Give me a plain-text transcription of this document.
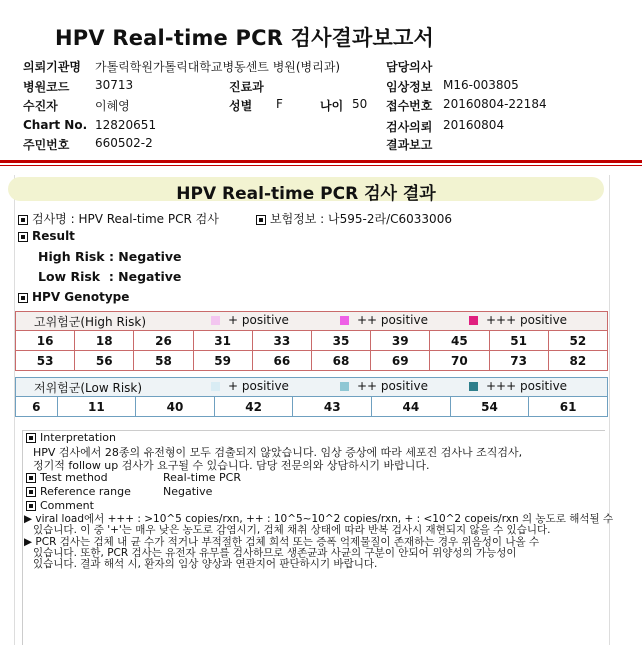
HPV Real-time PCR 검사결과보고서
의뢰기관명 가톨릭학원가톨릭대학교병동센트 병원(병리과)	담당의사
병원코드 30713	진료과	임상정보 M16-003805
수진자	이혜영	성별 F	나이 50 접수번호 20160804-22184
Chart No. 12820651	검사의뢰 20160804
주민번호 660502-2	결과보고
HPV Real-time PCR 검사 결과
검사명 : HPV Real-time PCR 검사	보험정보 : 나595-2라/C6033006
Result
High Risk : Negative
Low Risk  : Negative
HPV Genotype
고위험군(High Risk)	+ positive	++ positive	+++ positive
16	18	26	31	33	35	39	45	51	52
53	56	58	59	66	68	69	70	73	82
저위험군(Low Risk)	+ positive	++ positive	+++ positive
6	11	40	42	43	44	54	61
Interpretation
HPV 검사에서 28종의 유전형이 모두 검출되지 않았습니다. 임상 증상에 따라 세포진 검사나 조직검사,
정기적 follow up 검사가 요구될 수 있습니다. 담당 전문의와 상담하시기 바랍니다.
Test method	Real-time PCR
Reference range	Negative
Comment
▶ viral load에서 +++ : >10^5 copies/rxn, ++ : 10^5~10^2 copies/rxn, + : <10^2 copeis/rxn 의 농도로 해석될 수
있습니다. 이 중 '+'는 매우 낮은 농도로 감염시기, 검체 채취 상태에 따라 반복 검사시 재현되지 않을 수 있습니다.
▶ PCR 검사는 검체 내 균 수가 적거나 부적절한 검체 희석 또는 증폭 억제물질이 존재하는 경우 위음성이 나올 수
있습니다. 또한, PCR 검사는 유전자 유무를 검사하므로 생존균과 사균의 구분이 안되어 위양성의 가능성이
있습니다. 결과 해석 시, 환자의 임상 양상과 연관지어 판단하시기 바랍니다.
